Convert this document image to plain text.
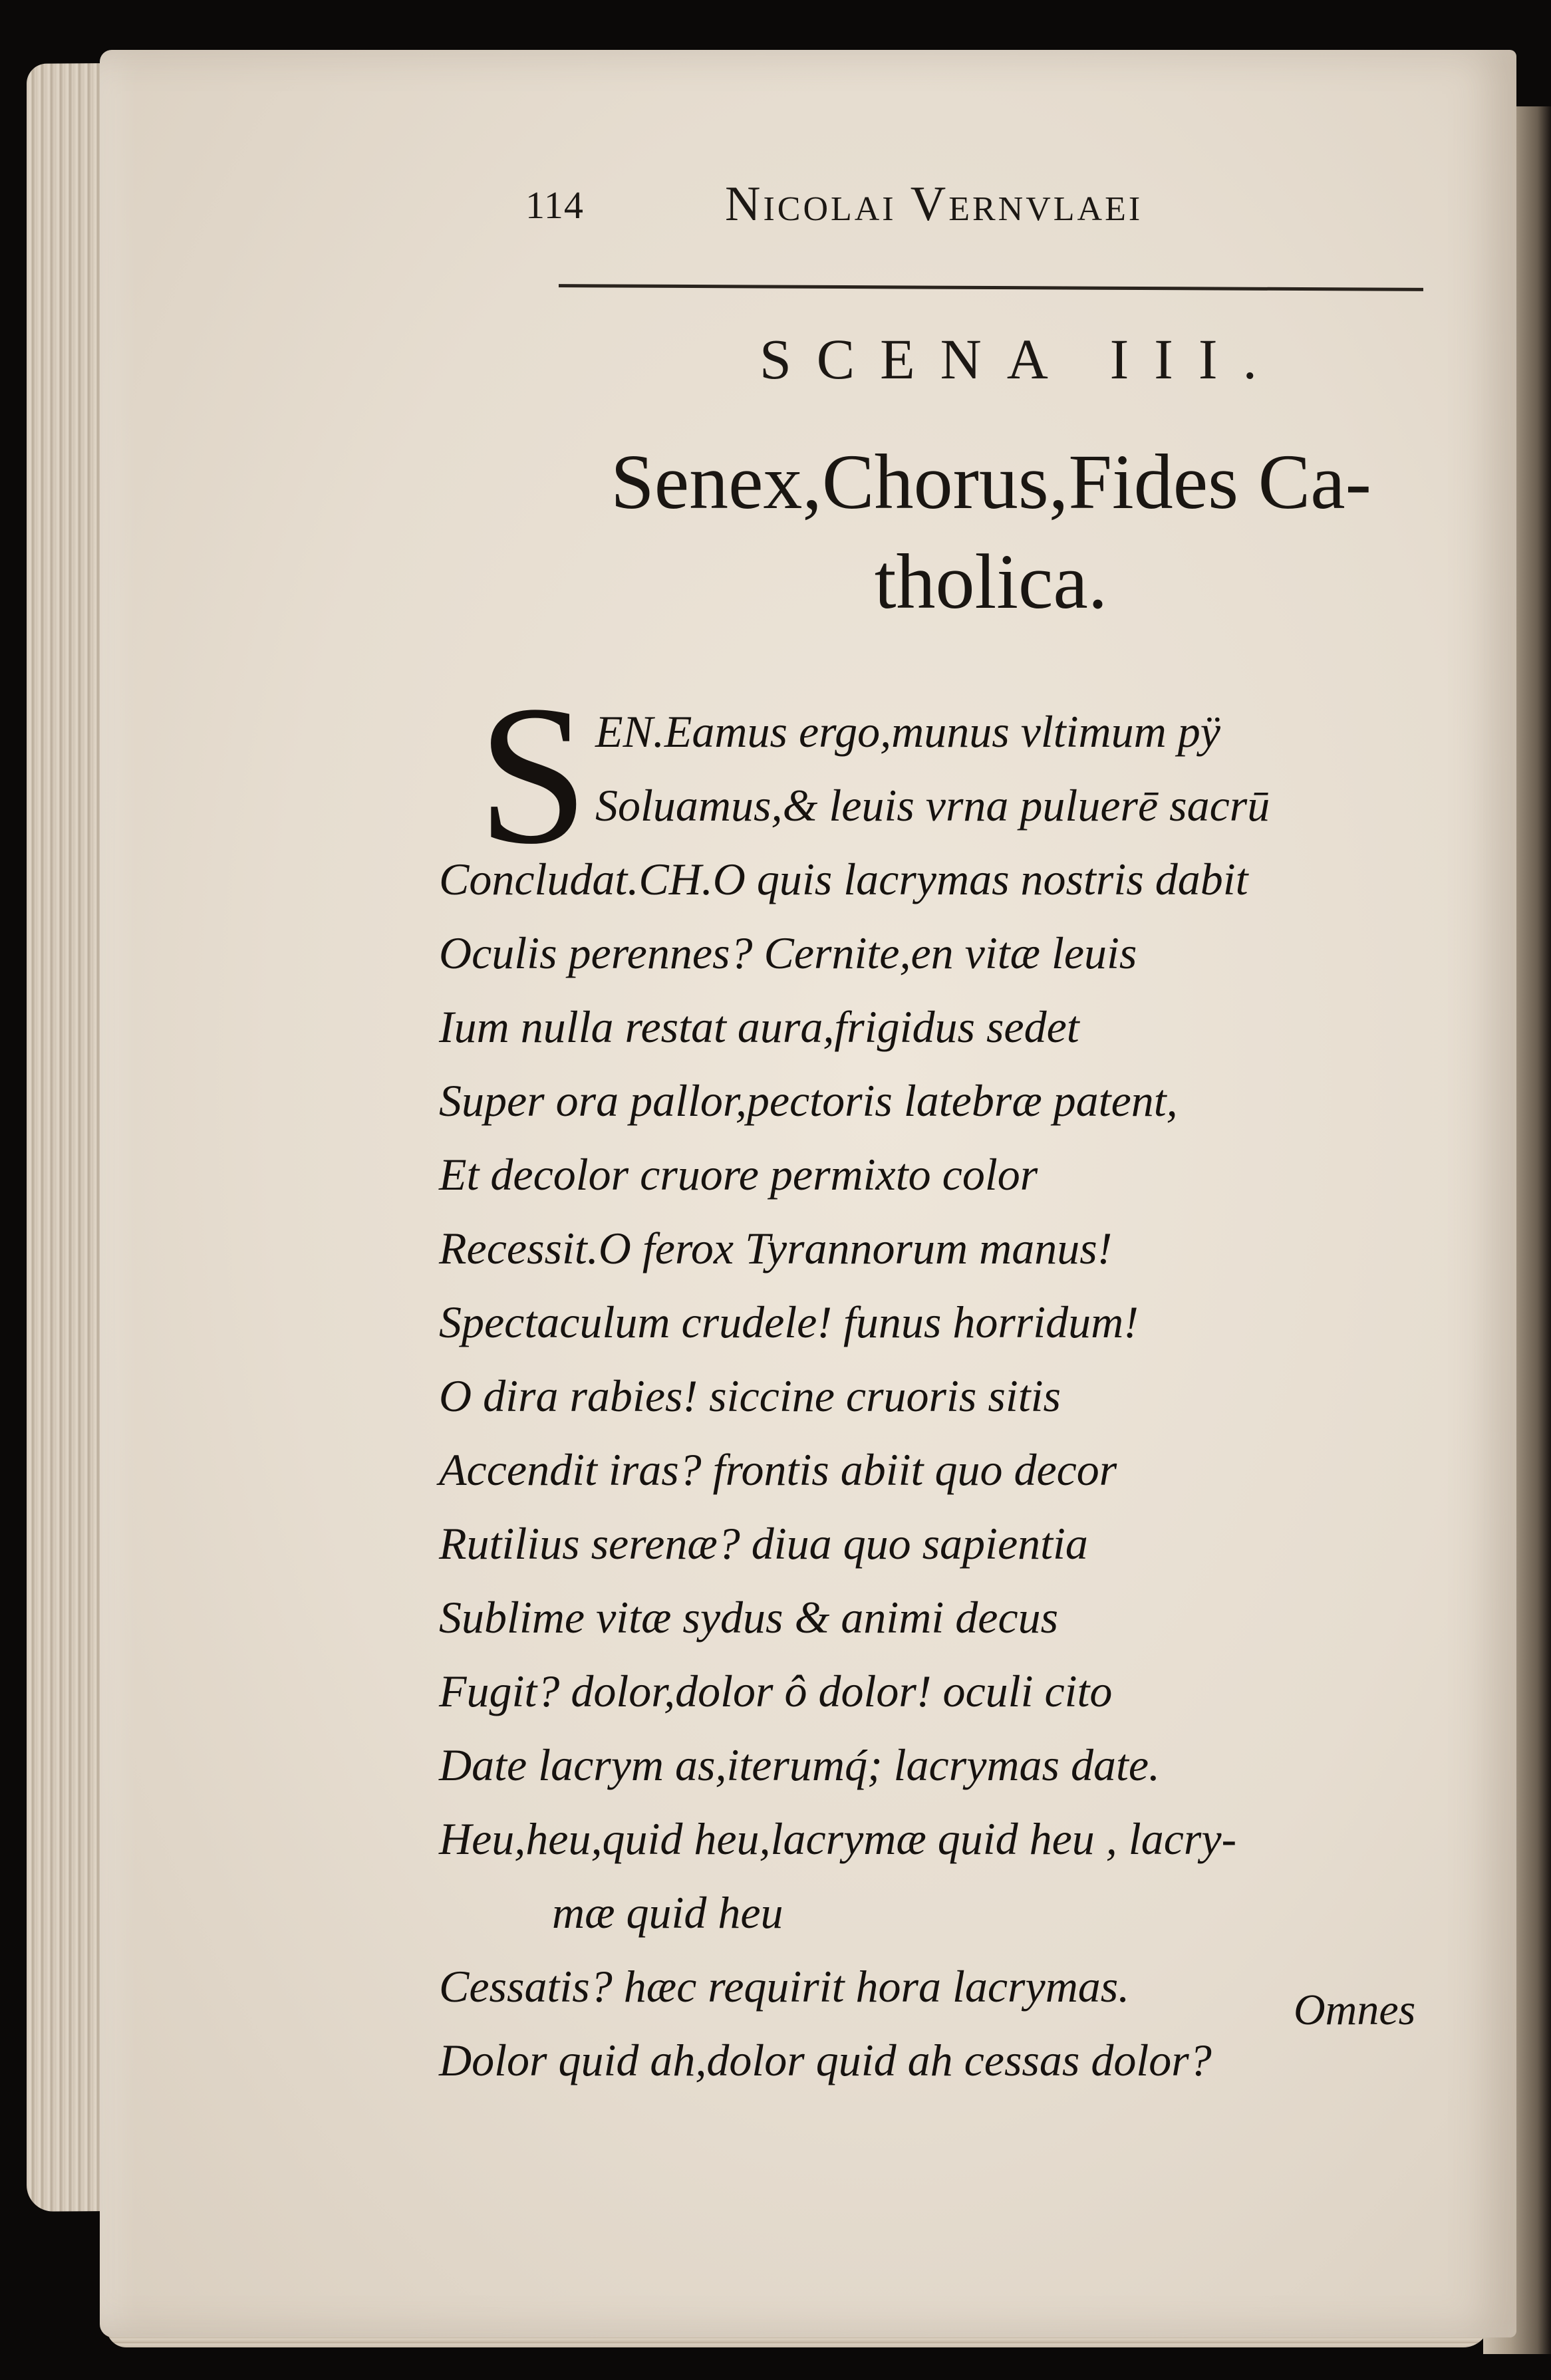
114	Nicolai Vernvlaei
SCENA III.
Senex,Chorus,Fides Ca-
tholica.
S EN.Eamus ergo,munus vltimum pÿ
Soluamus,& leuis vrna puluerē sacrū
Concludat.CH.O quis lacrymas nostris dabit
Oculis perennes? Cernite,en vitæ leuis
Ium nulla restat aura,frigidus sedet
Super ora pallor,pectoris latebræ patent,
Et decolor cruore permixto color
Recessit.O ferox Tyrannorum manus!
Spectaculum crudele! funus horridum!
O dira rabies! siccine cruoris sitis
Accendit iras? frontis abiit quo decor
Rutilius serenæ? diua quo sapientia
Sublime vitæ sydus & animi decus
Fugit? dolor,dolor ô dolor! oculi cito
Date lacrym as,iterumq́; lacrymas date.
Heu,heu,quid heu,lacrymæ quid heu , lacry-
mæ quid heu
Cessatis? hæc requirit hora lacrymas.
Dolor quid ah,dolor quid ah cessas dolor?
Omnes
